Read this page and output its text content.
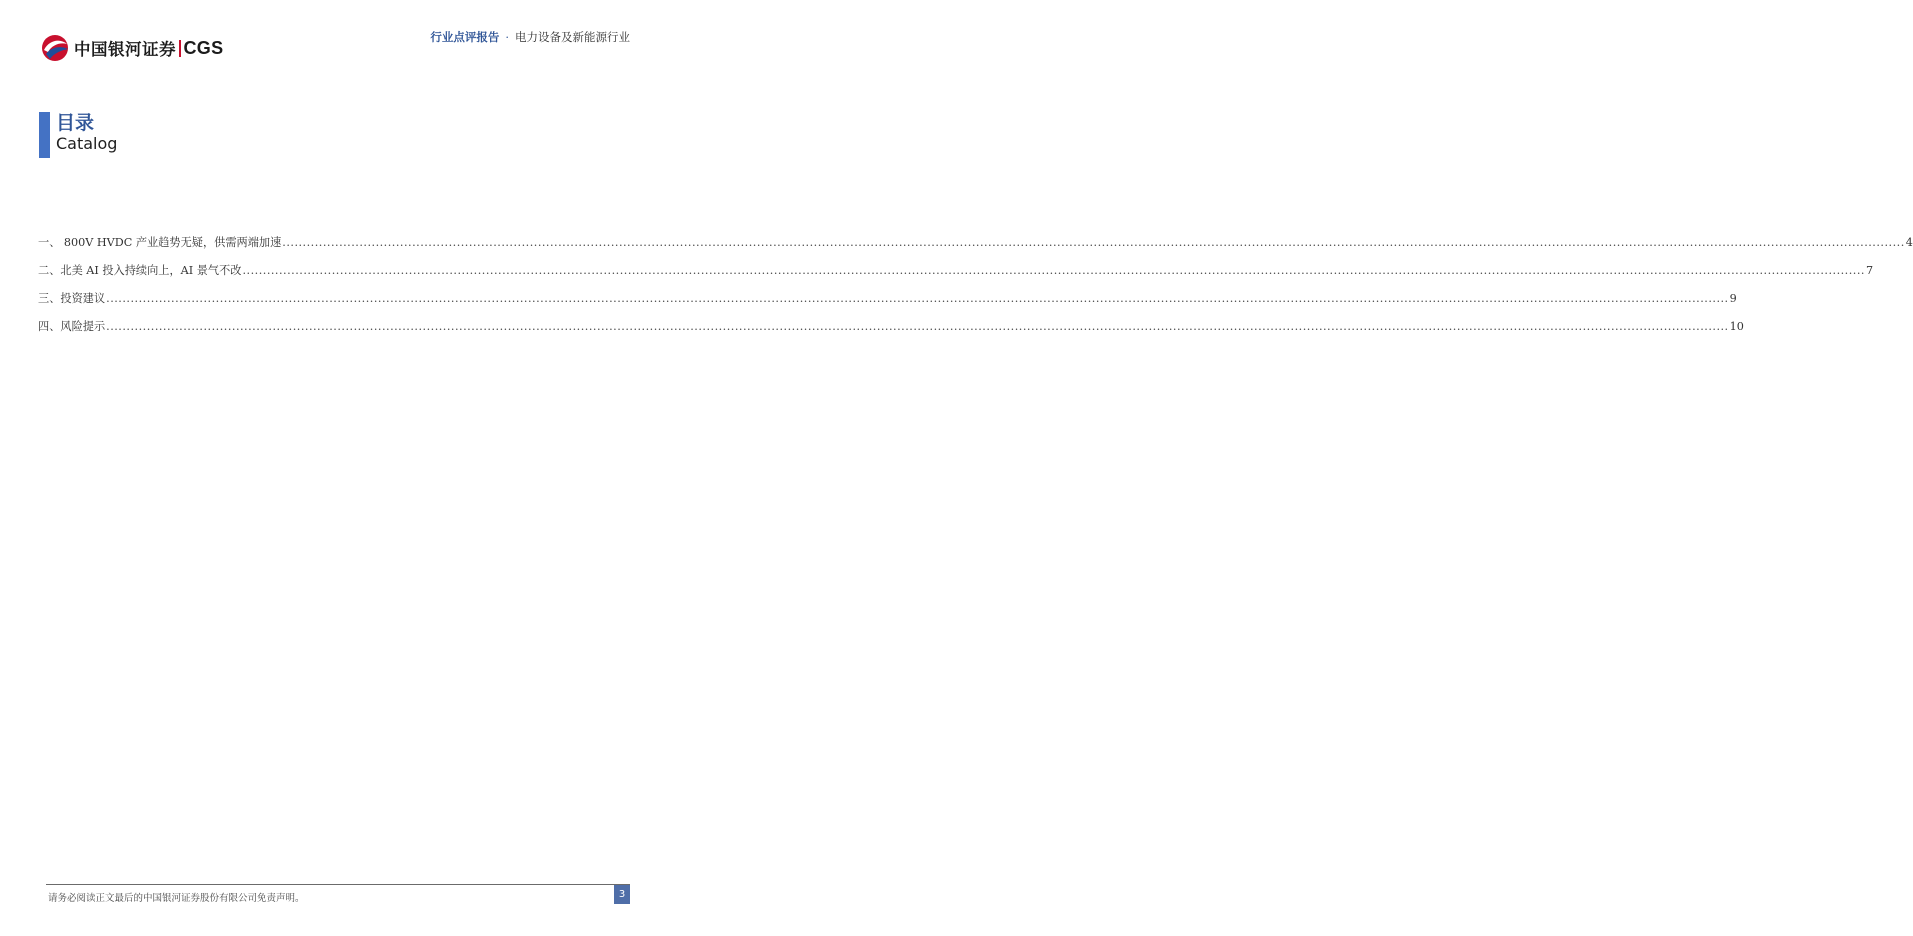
中国银河证券 CGS
行业点评报告 · 电力设备及新能源行业
目录
Catalog
一、 800V HVDC 产业趋势无疑，供需两端加速 ................................................................................................................................................................................................................................................................................................................................................................................................................ 4
二、北美 AI 投入持续向上，AI 景气不改 ................................................................................................................................................................................................................................................................................................................................................................................................................ 7
三、投资建议 ................................................................................................................................................................................................................................................................................................................................................................................................................ 9
四、风险提示 ................................................................................................................................................................................................................................................................................................................................................................................................................ 10
请务必阅读正文最后的中国银河证券股份有限公司免责声明。	3
